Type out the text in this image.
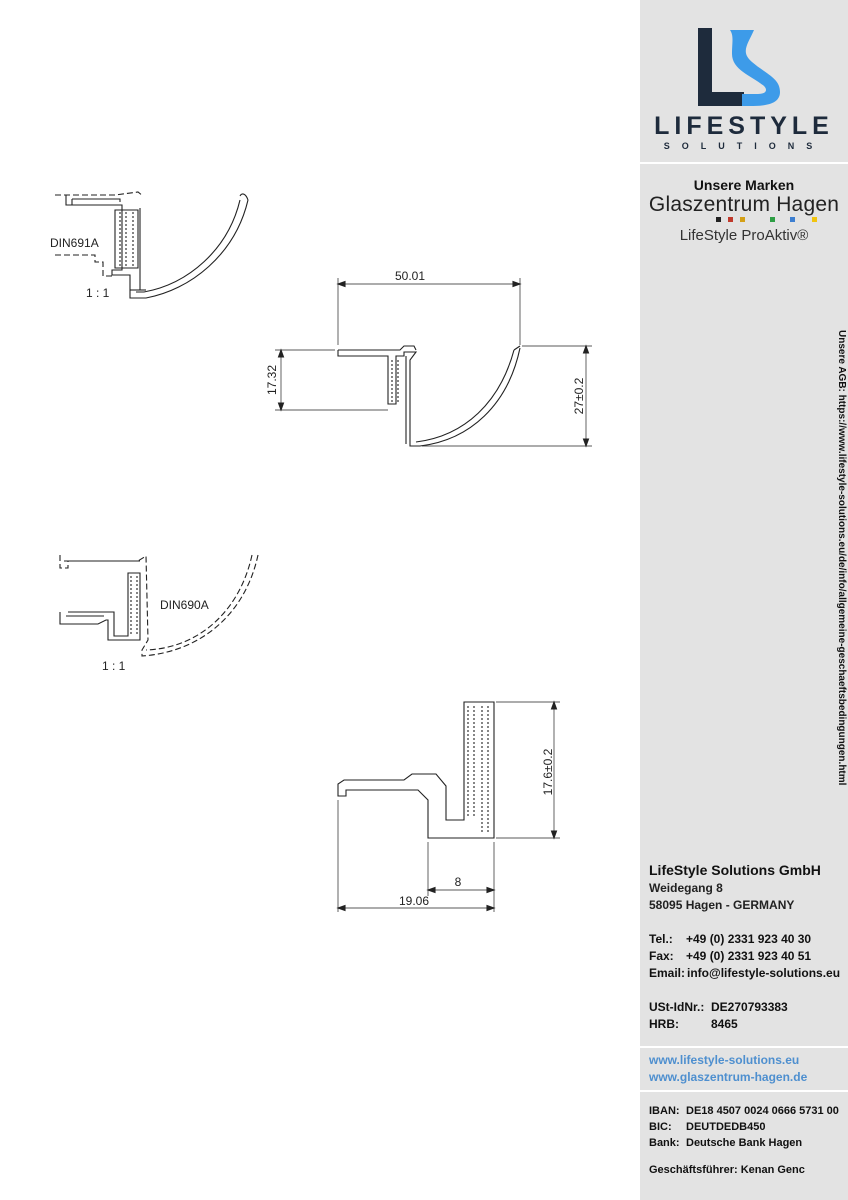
DIN691A
1 : 1
50.01
17.32	27±0.2
DIN690A
1 : 1
17.6±0.2
8
19.06
LIFESTYLE
SOLUTIONS
Unsere Marken
Glaszentrum Hagen
LifeStyle ProAktiv®
Unsere AGB: https://www.lifestyle-solutions.eu/de/info/allgemeine-geschaeftsbedingungen.html
LifeStyle Solutions GmbH
Weidegang 8
58095 Hagen - GERMANY
Tel.: +49 (0) 2331 923 40 30
Fax: +49 (0) 2331 923 40 51
Email: info@lifestyle-solutions.eu
USt-IdNr.: DE270793383
HRB:	8465
www.lifestyle-solutions.eu
www.glaszentrum-hagen.de
IBAN: DE18 4507 0024 0666 5731 00
BIC: DEUTDEDB450
Bank: Deutsche Bank Hagen
Geschäftsführer: Kenan Genc
